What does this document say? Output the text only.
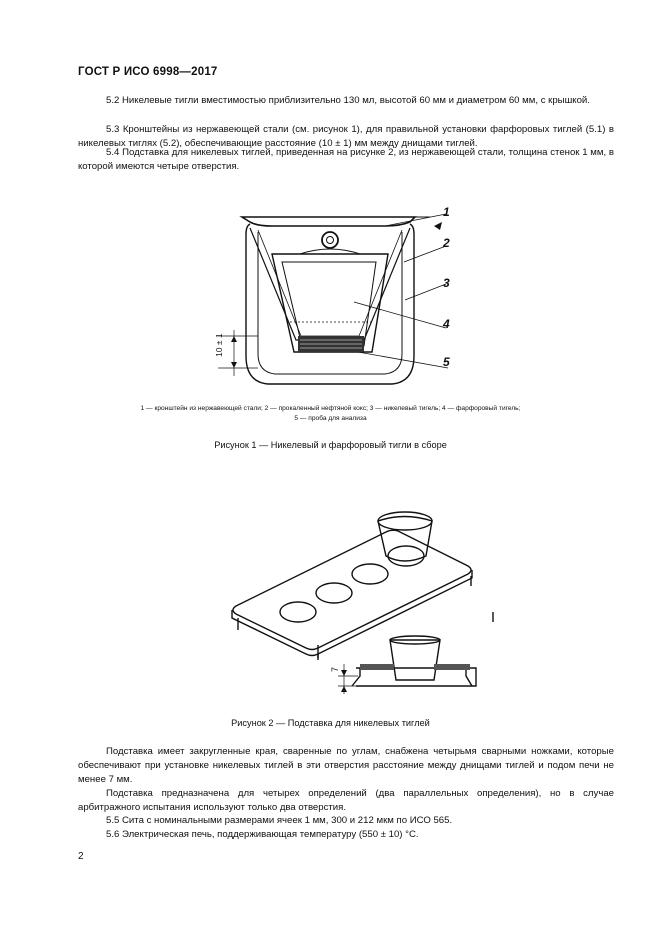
ГОСТ Р ИСО 6998—2017
5.2 Никелевые тигли вместимостью приблизительно 130 мл, высотой 60 мм и диаметром 60 мм, с крышкой.
5.3 Кронштейны из нержавеющей стали (см. рисунок 1), для правильной установки фарфоровых тиглей (5.1) в никелевых тиглях (5.2), обеспечивающие расстояние (10 ± 1) мм между днищами тиглей.
5.4 Подставка для никелевых тиглей, приведенная на рисунке 2, из нержавеющей стали, толщина стенок 1 мм, в которой имеются четыре отверстия.
1
2
3
4
5
10 ± 1
1 — кронштейн из нержавеющей стали; 2 — прокаленный нефтяной кокс; 3 — никелевый тигель; 4 — фарфоровый тигель;
5 — проба для анализа
Рисунок 1 — Никелевый и фарфоровый тигли в сборе
7
Рисунок 2 — Подставка для никелевых тиглей
Подставка имеет закругленные края, сваренные по углам, снабжена четырьмя сварными ножками, которые обеспечивают при установке никелевых тиглей в эти отверстия расстояние между днищами тиглей и подом печи не менее 7 мм.
Подставка предназначена для четырех определений (два параллельных определения), но в случае арбитражного испытания используют только два отверстия.
5.5 Сита с номинальными размерами ячеек 1 мм, 300 и 212 мкм по ИСО 565.
5.6 Электрическая печь, поддерживающая температуру (550 ± 10) °С.
2
